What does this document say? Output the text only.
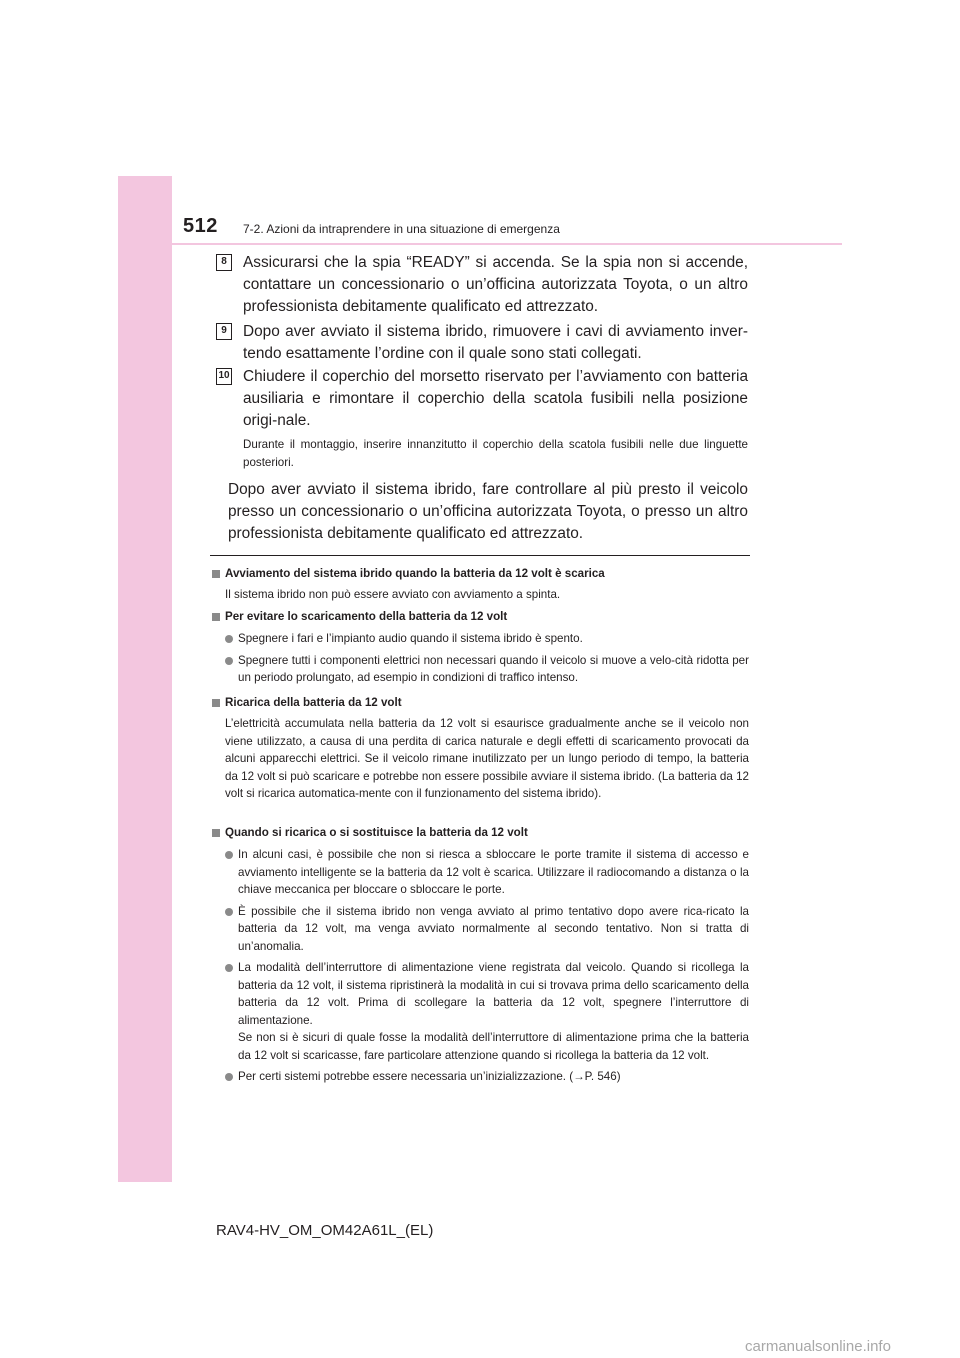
512 7-2. Azioni da intraprendere in una situazione di emergenza
8	Assicurarsi che la spia “READY” si accenda. Se la spia non si accende, contattare un concessionario o un’officina autorizzata Toyota, o un altro professionista debitamente qualificato ed attrezzato.
9	Dopo aver avviato il sistema ibrido, rimuovere i cavi di avviamento inver-tendo esattamente l’ordine con il quale sono stati collegati.
10 Chiudere il coperchio del morsetto riservato per l’avviamento con batteria ausiliaria e rimontare il coperchio della scatola fusibili nella posizione origi-nale.
Durante il montaggio, inserire innanzitutto il coperchio della scatola fusibili nelle due linguette posteriori.
Dopo aver avviato il sistema ibrido, fare controllare al più presto il veicolo presso un concessionario o un’officina autorizzata Toyota, o presso un altro professionista debitamente qualificato ed attrezzato.
Avviamento del sistema ibrido quando la batteria da 12 volt è scarica
Il sistema ibrido non può essere avviato con avviamento a spinta.
Per evitare lo scaricamento della batteria da 12 volt
Spegnere i fari e l’impianto audio quando il sistema ibrido è spento.
Spegnere tutti i componenti elettrici non necessari quando il veicolo si muove a velo-cità ridotta per un periodo prolungato, ad esempio in condizioni di traffico intenso.
Ricarica della batteria da 12 volt
L’elettricità accumulata nella batteria da 12 volt si esaurisce gradualmente anche se il veicolo non viene utilizzato, a causa di una perdita di carica naturale e degli effetti di scaricamento provocati da alcuni apparecchi elettrici. Se il veicolo rimane inutilizzato per un lungo periodo di tempo, la batteria da 12 volt si può scaricare e potrebbe non essere possibile avviare il sistema ibrido. (La batteria da 12 volt si ricarica automatica-mente con il funzionamento del sistema ibrido).
Quando si ricarica o si sostituisce la batteria da 12 volt
In alcuni casi, è possibile che non si riesca a sbloccare le porte tramite il sistema di accesso e avviamento intelligente se la batteria da 12 volt è scarica. Utilizzare il radiocomando a distanza o la chiave meccanica per bloccare o sbloccare le porte.
È possibile che il sistema ibrido non venga avviato al primo tentativo dopo avere rica-ricato la batteria da 12 volt, ma venga avviato normalmente al secondo tentativo. Non si tratta di un’anomalia.
La modalità dell’interruttore di alimentazione viene registrata dal veicolo. Quando si ricollega la batteria da 12 volt, il sistema ripristinerà la modalità in cui si trovava prima dello scaricamento della batteria da 12 volt. Prima di scollegare la batteria da 12 volt, spegnere l’interruttore di alimentazione.
Se non si è sicuri di quale fosse la modalità dell’interruttore di alimentazione prima che la batteria da 12 volt si scaricasse, fare particolare attenzione quando si ricollega la batteria da 12 volt.
Per certi sistemi potrebbe essere necessaria un’inizializzazione. (→P. 546)
RAV4-HV_OM_OM42A61L_(EL)
carmanualsonline.info
